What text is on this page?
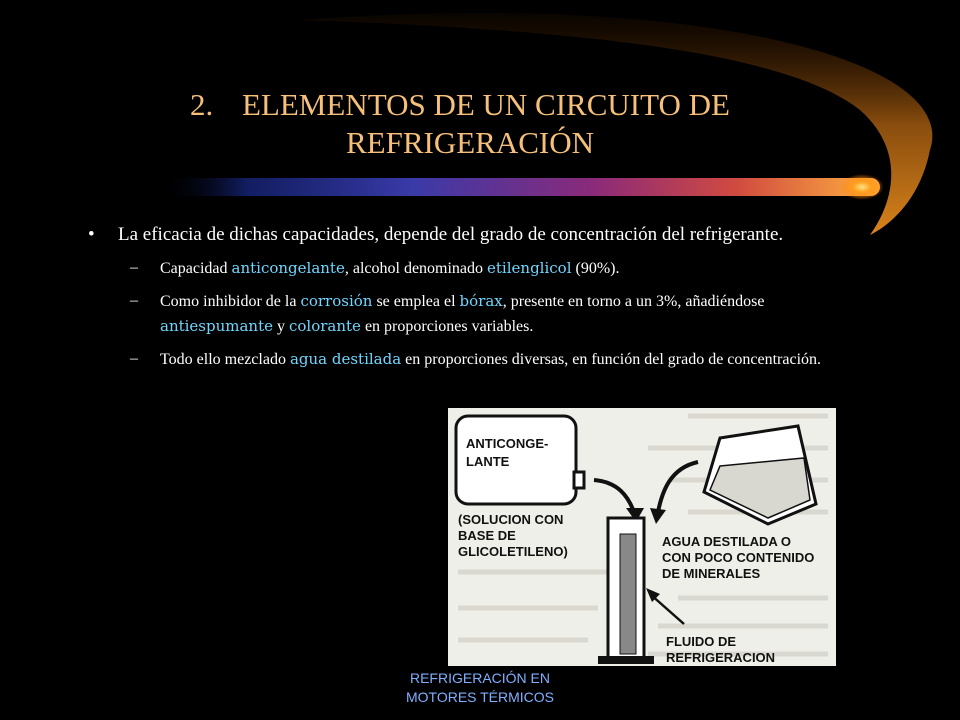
2. ELEMENTOS DE UN CIRCUITO DE
REFRIGERACIÓN
• La eficacia de dichas capacidades, depende del grado de concentración del refrigerante.
– Capacidad anticongelante, alcohol denominado etilenglicol (90%).
– Como inhibidor de la corrosión se emplea el bórax, presente en torno a un 3%, añadiéndose antiespumante y colorante en proporciones variables.
– Todo ello mezclado agua destilada en proporciones diversas, en función del grado de concentración.
ANTICONGE-
LANTE
(SOLUCION CON
BASE DE
GLICOLETILENO)
AGUA DESTILADA O
CON POCO CONTENIDO
DE MINERALES
FLUIDO DE
REFRIGERACION
REFRIGERACIÓN EN
MOTORES TÉRMICOS
